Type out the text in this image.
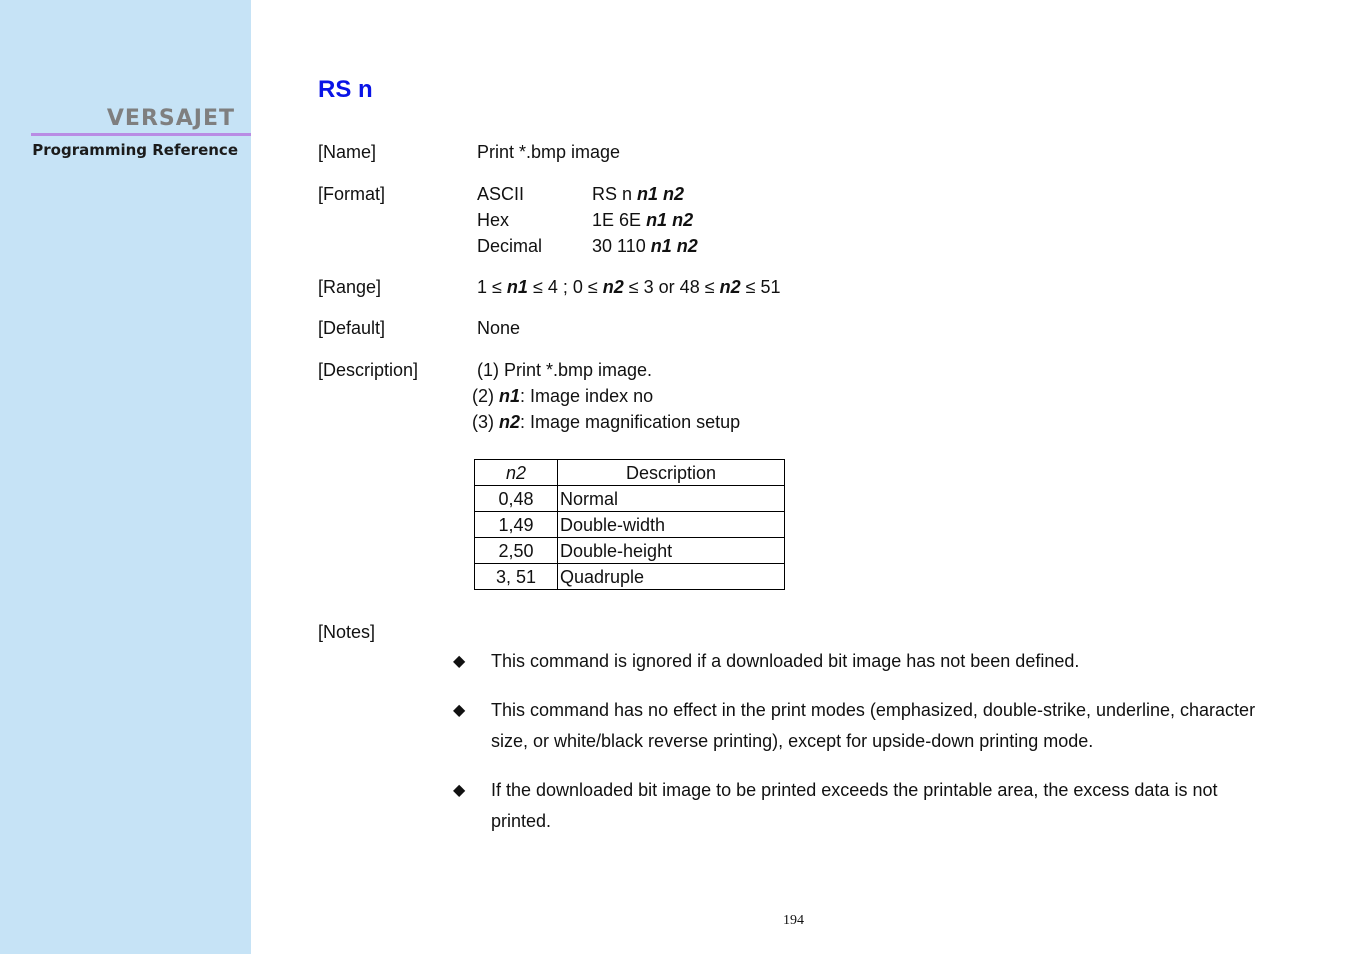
VERSAJET
Programming Reference
RS n
[Name]	Print *.bmp image
[Format]	ASCII	RS n n1 n2
Hex	1E 6E n1 n2
Decimal	30 110 n1 n2
[Range]	1 ≤ n1 ≤ 4 ; 0 ≤ n2 ≤ 3 or 48 ≤ n2 ≤ 51
[Default]	None
[Description]	(1) Print *.bmp image.
(2) n1: Image index no
(3) n2: Image magnification setup
n2	Description
0,48	Normal
1,49	Double-width
2,50	Double-height
3, 51	Quadruple
[Notes]
◆ This command is ignored if a downloaded bit image has not been defined.
◆ This command has no effect in the print modes (emphasized, double-strike, underline, character size, or white/black reverse printing), except for upside-down printing mode.
◆ If the downloaded bit image to be printed exceeds the printable area, the excess data is not printed.
194
